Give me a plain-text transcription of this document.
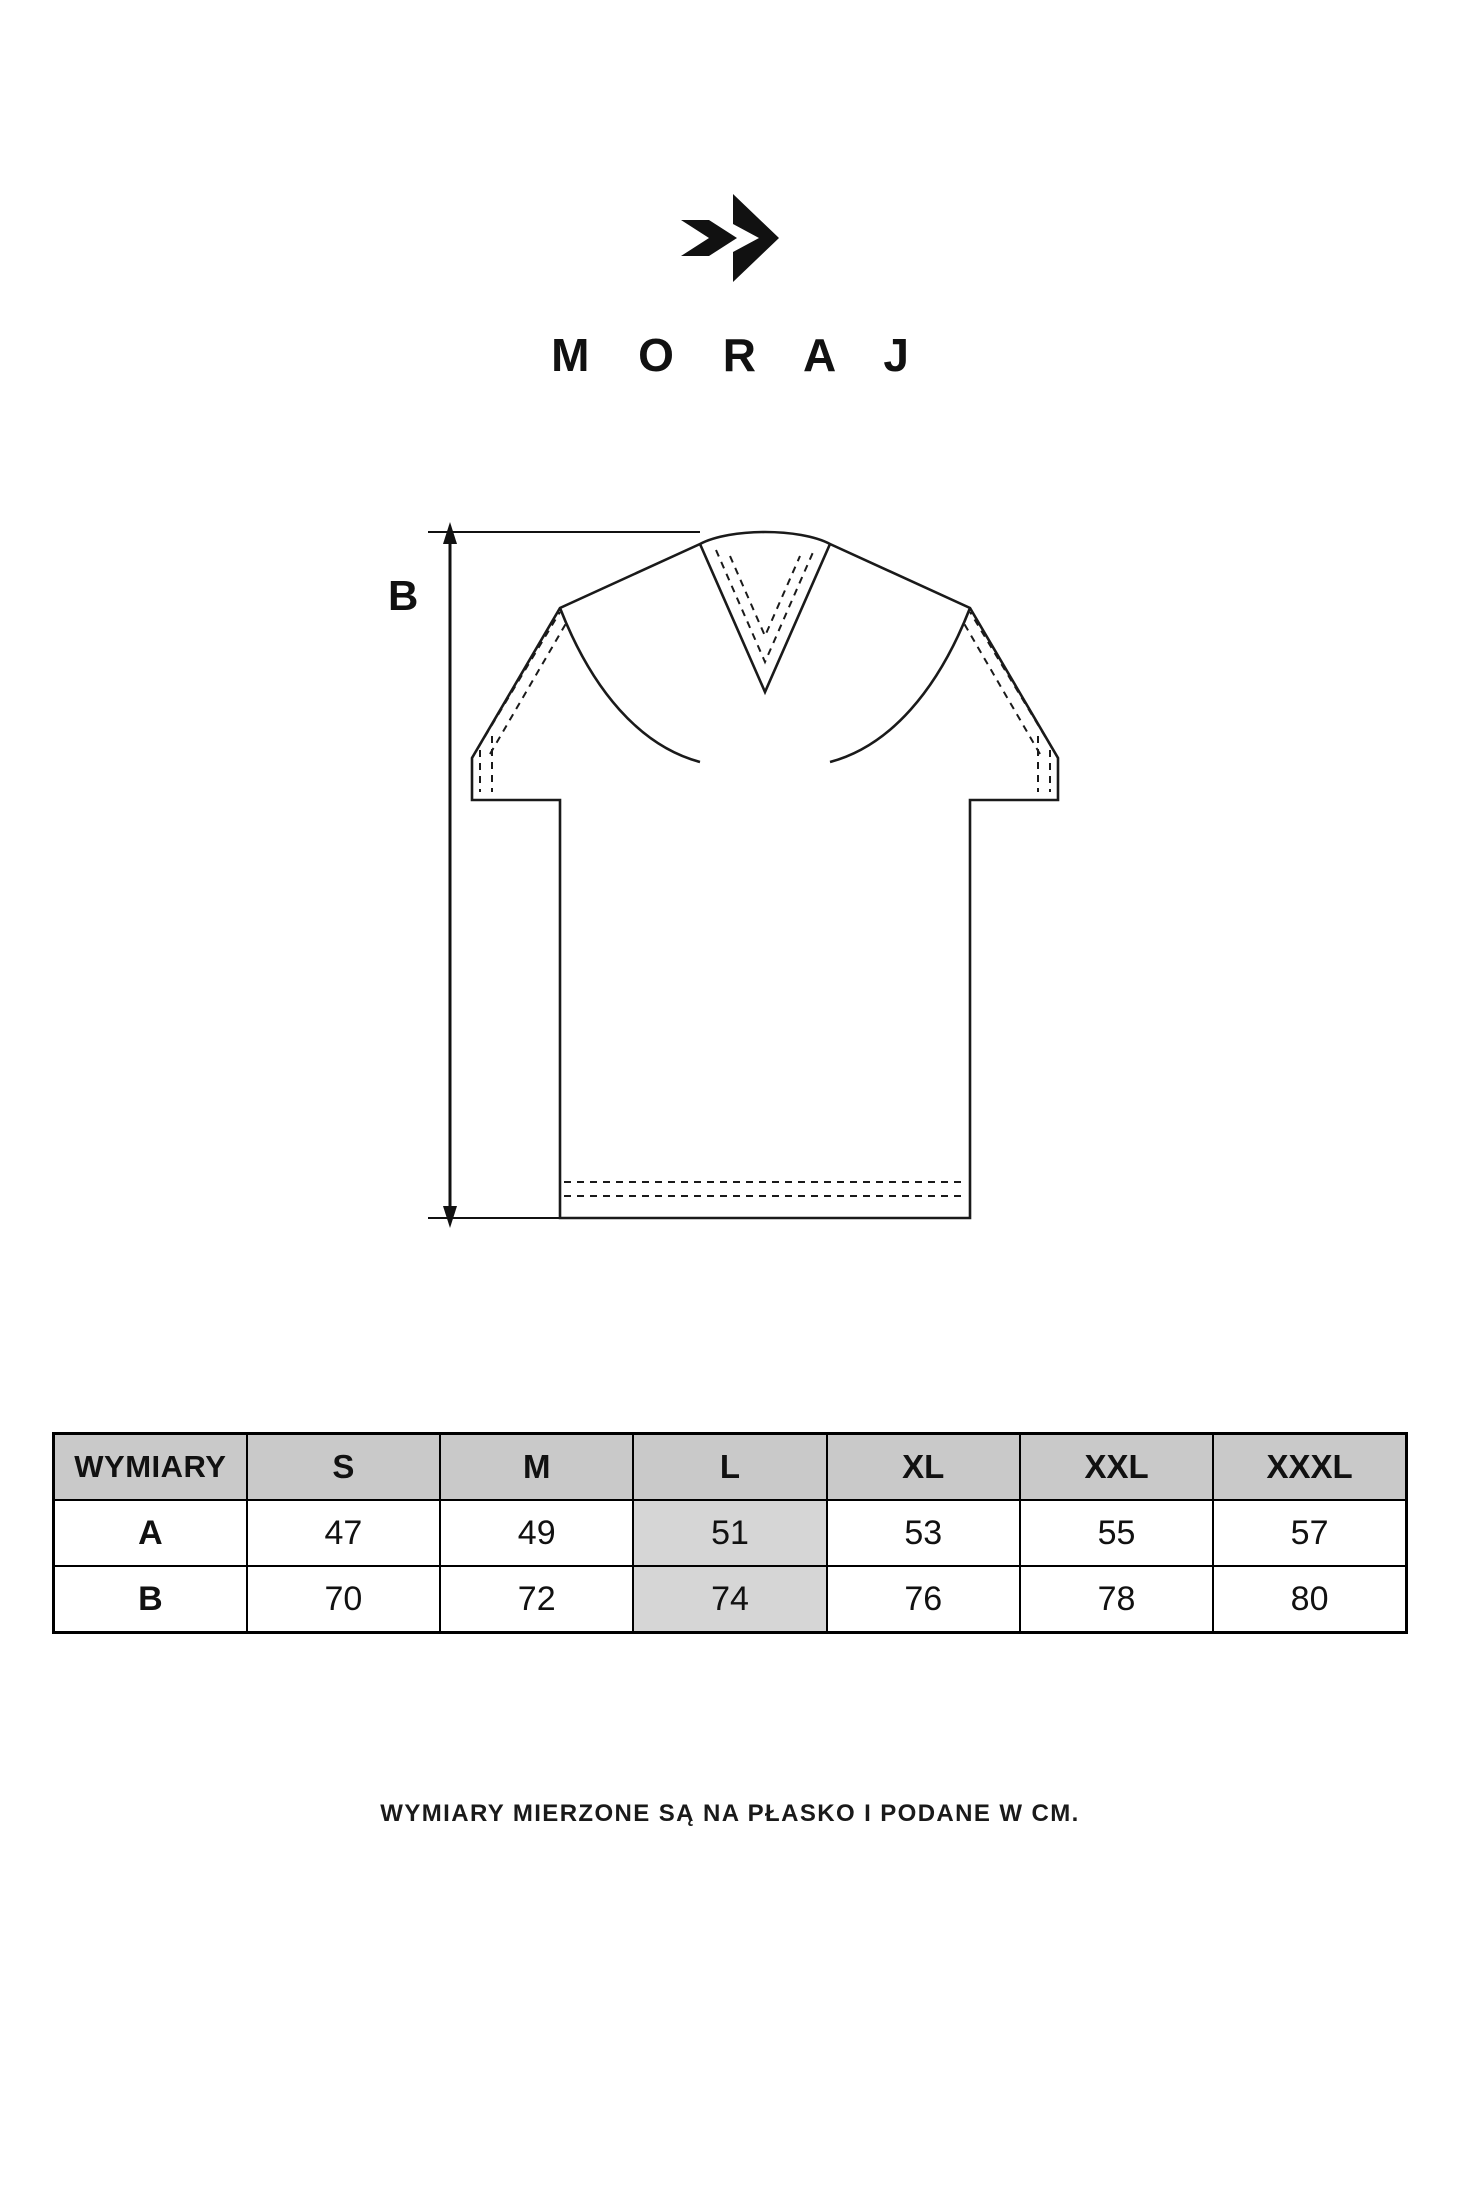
M O R A J
B
WYMIARY	S	M	L	XL	XXL	XXXL
A	47	49	51	53	55	57
B	70	72	74	76	78	80
WYMIARY MIERZONE SĄ NA PŁASKO I PODANE W CM.
